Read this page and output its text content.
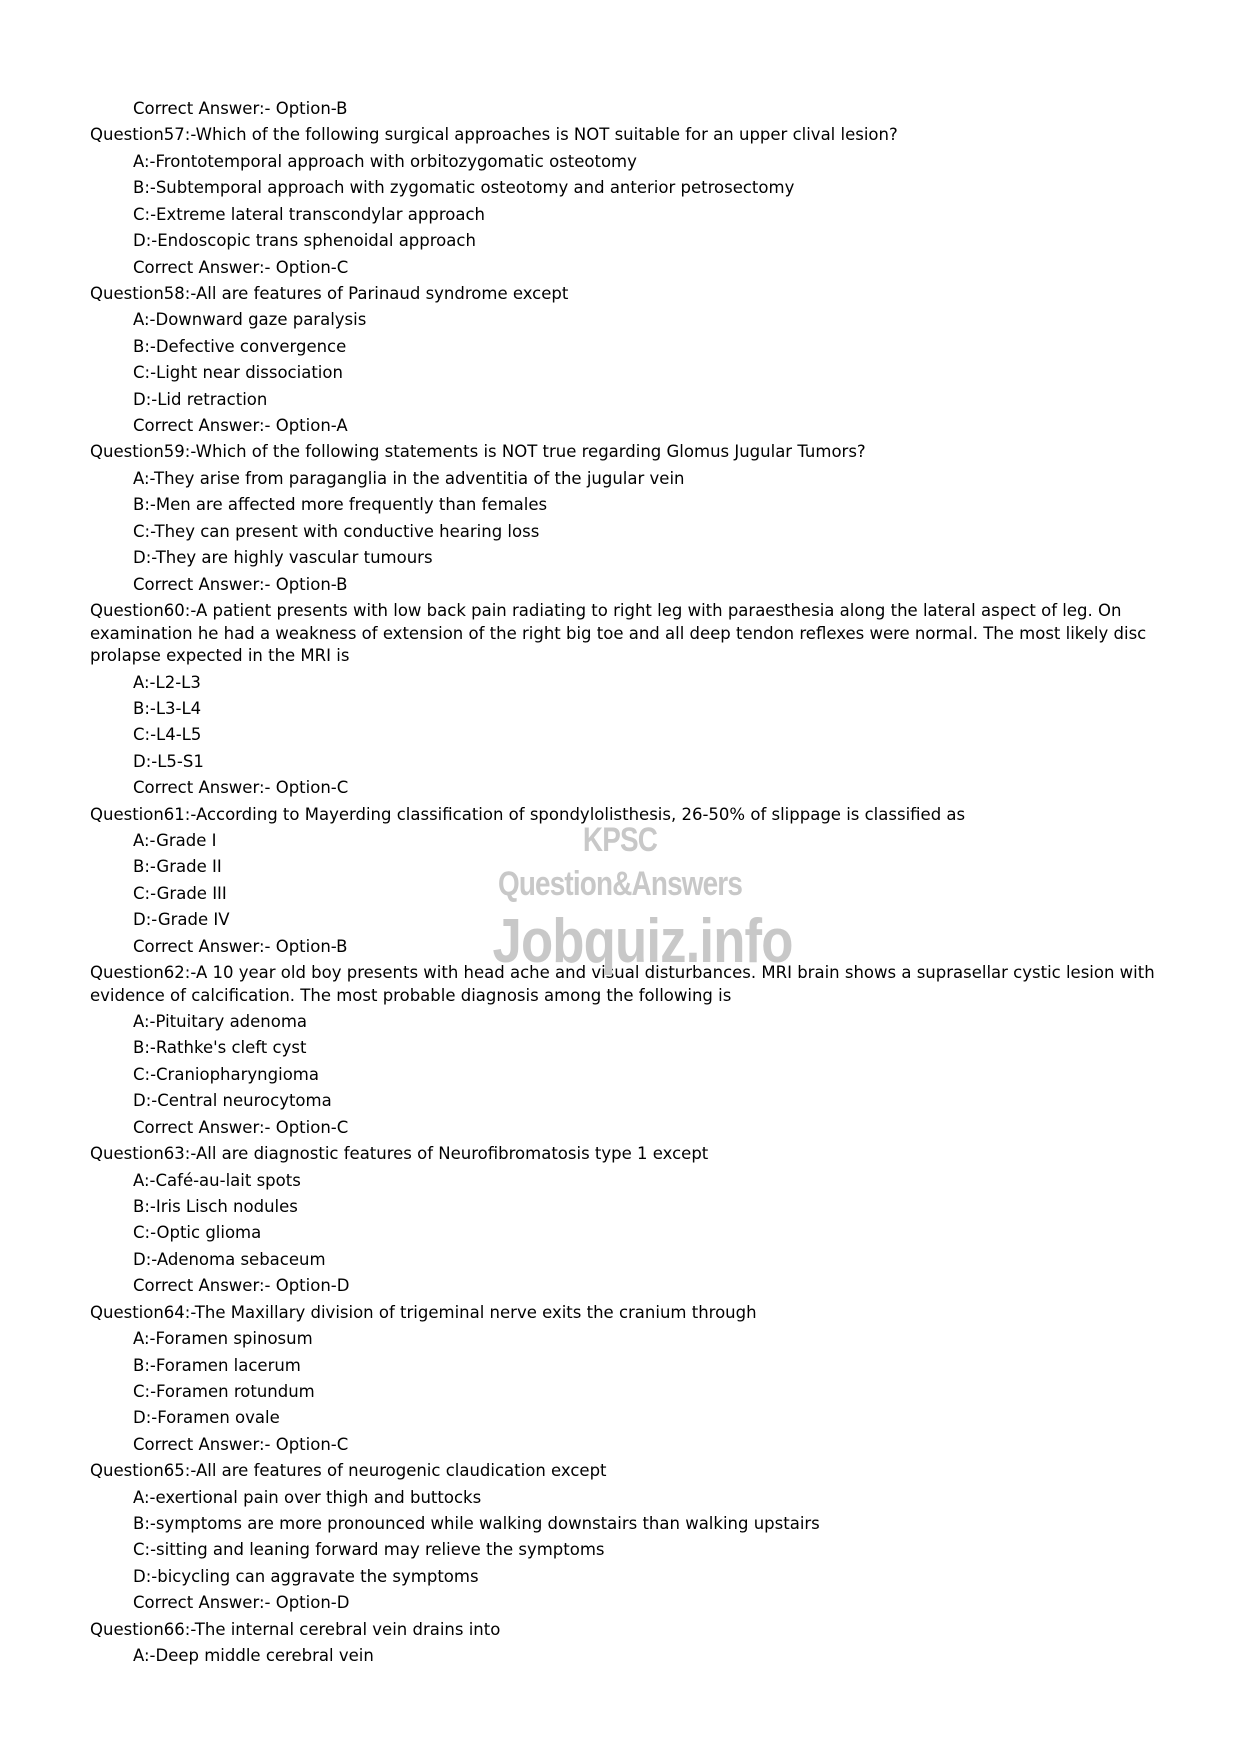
Correct Answer:- Option-B
Question57:-Which of the following surgical approaches is NOT suitable for an upper clival lesion?
A:-Frontotemporal approach with orbitozygomatic osteotomy
B:-Subtemporal approach with zygomatic osteotomy and anterior petrosectomy
C:-Extreme lateral transcondylar approach
D:-Endoscopic trans sphenoidal approach
Correct Answer:- Option-C
Question58:-All are features of Parinaud syndrome except
A:-Downward gaze paralysis
B:-Defective convergence
C:-Light near dissociation
D:-Lid retraction
Correct Answer:- Option-A
Question59:-Which of the following statements is NOT true regarding Glomus Jugular Tumors?
A:-They arise from paraganglia in the adventitia of the jugular vein
B:-Men are affected more frequently than females
C:-They can present with conductive hearing loss
D:-They are highly vascular tumours
Correct Answer:- Option-B
Question60:-A patient presents with low back pain radiating to right leg with paraesthesia along the lateral aspect of leg. On examination he had a weakness of extension of the right big toe and all deep tendon reflexes were normal. The most likely disc prolapse expected in the MRI is
A:-L2-L3
B:-L3-L4
C:-L4-L5
D:-L5-S1
Correct Answer:- Option-C
Question61:-According to Mayerding classification of spondylolisthesis, 26-50% of slippage is classified as
A:-Grade I
B:-Grade II
C:-Grade III
D:-Grade IV
Correct Answer:- Option-B
Question62:-A 10 year old boy presents with head ache and visual disturbances. MRI brain shows a suprasellar cystic lesion with evidence of calcification. The most probable diagnosis among the following is
A:-Pituitary adenoma
B:-Rathke's cleft cyst
C:-Craniopharyngioma
D:-Central neurocytoma
Correct Answer:- Option-C
Question63:-All are diagnostic features of Neurofibromatosis type 1 except
A:-Café-au-lait spots
B:-Iris Lisch nodules
C:-Optic glioma
D:-Adenoma sebaceum
Correct Answer:- Option-D
Question64:-The Maxillary division of trigeminal nerve exits the cranium through
A:-Foramen spinosum
B:-Foramen lacerum
C:-Foramen rotundum
D:-Foramen ovale
Correct Answer:- Option-C
Question65:-All are features of neurogenic claudication except
A:-exertional pain over thigh and buttocks
B:-symptoms are more pronounced while walking downstairs than walking upstairs
C:-sitting and leaning forward may relieve the symptoms
D:-bicycling can aggravate the symptoms
Correct Answer:- Option-D
Question66:-The internal cerebral vein drains into
A:-Deep middle cerebral vein
KPSC Question&Answers
Jobquiz.info
